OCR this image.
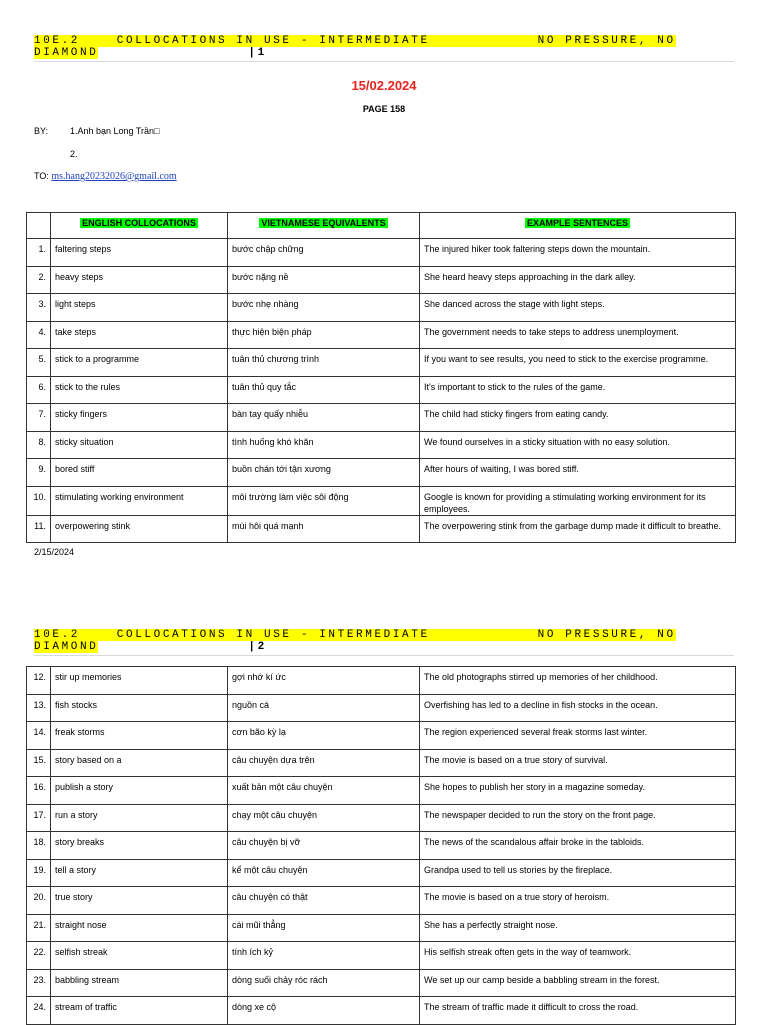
10E.2    COLLOCATIONS IN USE - INTERMEDIATE	NO PRESSURE, NO
DIAMOND	|1
15/02.2024
PAGE 158
BY: 1.Anh bạn Long Trần□
2.
TO: ms.hang20232026@gmail.com
	ENGLISH COLLOCATIONS	VIETNAMESE EQUIVALENTS	EXAMPLE SENTENCES
1.	faltering steps	bước chập chững	The injured hiker took faltering steps down the mountain.
2.	heavy steps	bước nặng nề	She heard heavy steps approaching in the dark alley.
3.	light steps	bước nhẹ nhàng	She danced across the stage with light steps.
4.	take steps	thực hiện biện pháp	The government needs to take steps to address unemployment.
5.	stick to a programme	tuân thủ chương trình	If you want to see results, you need to stick to the exercise programme.
6.	stick to the rules	tuân thủ quy tắc	It's important to stick to the rules of the game.
7.	sticky fingers	bàn tay quấy nhiễu	The child had sticky fingers from eating candy.
8.	sticky situation	tình huống khó khăn	We found ourselves in a sticky situation with no easy solution.
9.	bored stiff	buồn chán tới tận xương	After hours of waiting, I was bored stiff.
10.	stimulating working environment	môi trường làm việc sôi động	Google is known for providing a stimulating working environment for its employees.
11.	overpowering stink	mùi hôi quá mạnh	The overpowering stink from the garbage dump made it difficult to breathe.
2/15/2024
10E.2    COLLOCATIONS IN USE - INTERMEDIATE	NO PRESSURE, NO
DIAMOND	|2
12.	stir up memories	gợi nhớ kí ức	The old photographs stirred up memories of her childhood.
13.	fish stocks	nguồn cá	Overfishing has led to a decline in fish stocks in the ocean.
14.	freak storms	cơn bão kỳ lạ	The region experienced several freak storms last winter.
15.	story based on a	câu chuyện dựa trên	The movie is based on a true story of survival.
16.	publish a story	xuất bản một câu chuyện	She hopes to publish her story in a magazine someday.
17.	run a story	chạy một câu chuyện	The newspaper decided to run the story on the front page.
18.	story breaks	câu chuyện bị vỡ	The news of the scandalous affair broke in the tabloids.
19.	tell a story	kể một câu chuyện	Grandpa used to tell us stories by the fireplace.
20.	true story	câu chuyện có thật	The movie is based on a true story of heroism.
21.	straight nose	cái mũi thẳng	She has a perfectly straight nose.
22.	selfish streak	tính ích kỷ	His selfish streak often gets in the way of teamwork.
23.	babbling stream	dòng suối chảy róc rách	We set up our camp beside a babbling stream in the forest.
24.	stream of traffic	dòng xe cộ	The stream of traffic made it difficult to cross the road.
